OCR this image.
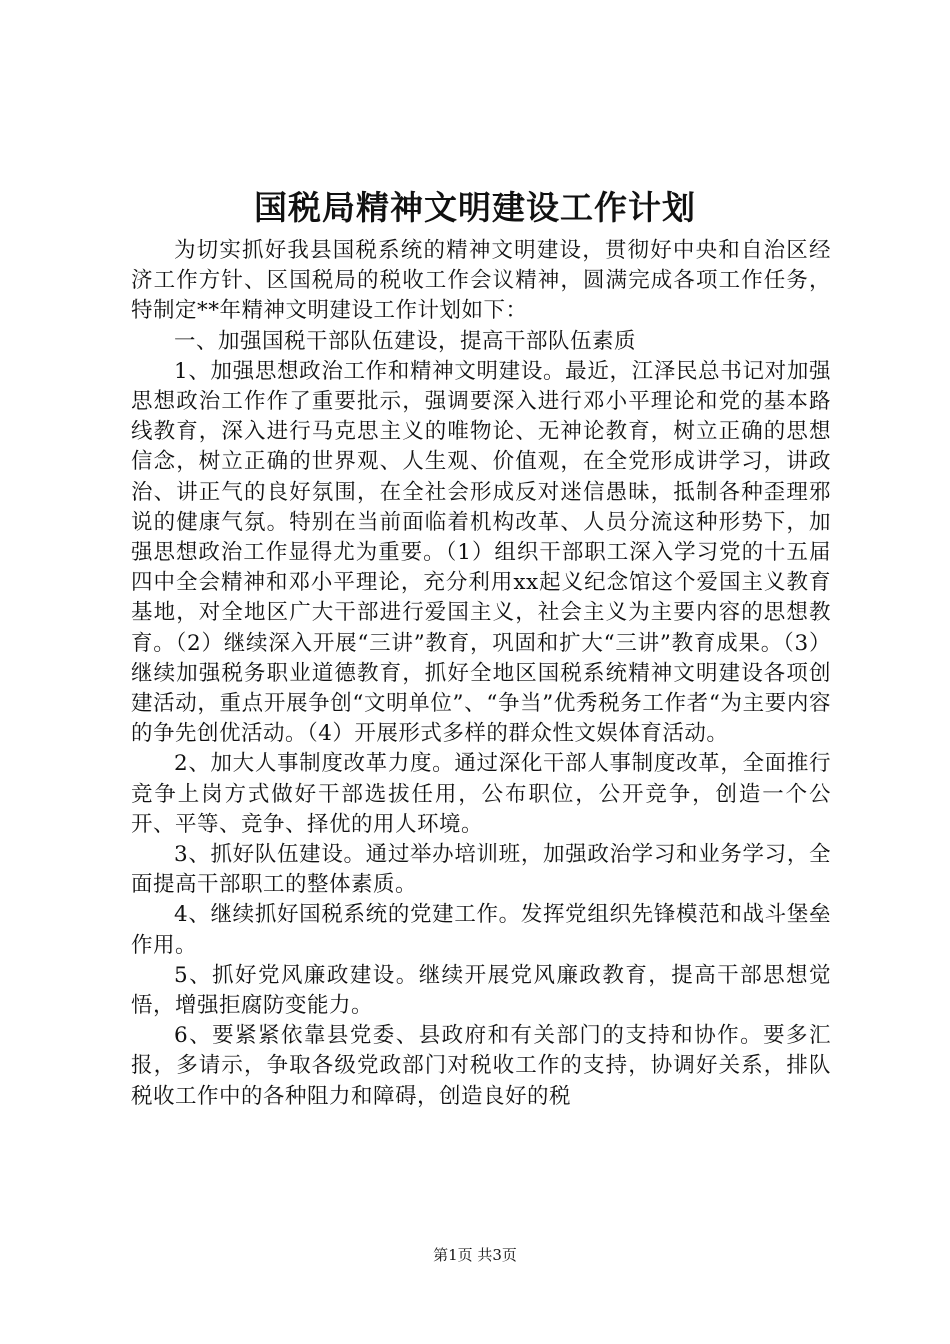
国税局精神文明建设工作计划

为切实抓好我县国税系统的精神文明建设，贯彻好中央和自治区经济工作方针、区国税局的税收工作会议精神，圆满完成各项工作任务，特制定**年精神文明建设工作计划如下：

一、加强国税干部队伍建设，提高干部队伍素质

1、加强思想政治工作和精神文明建设。最近，江泽民总书记对加强思想政治工作作了重要批示，强调要深入进行邓小平理论和党的基本路线教育，深入进行马克思主义的唯物论、无神论教育，树立正确的思想信念，树立正确的世界观、人生观、价值观，在全党形成讲学习，讲政治、讲正气的良好氛围，在全社会形成反对迷信愚昧，抵制各种歪理邪说的健康气氛。特别在当前面临着机构改革、人员分流这种形势下，加强思想政治工作显得尤为重要。（1）组织干部职工深入学习党的十五届四中全会精神和邓小平理论，充分利用xx起义纪念馆这个爱国主义教育基地，对全地区广大干部进行爱国主义，社会主义为主要内容的思想教育。（2）继续深入开展“三讲”教育，巩固和扩大“三讲”教育成果。（3）继续加强税务职业道德教育，抓好全地区国税系统精神文明建设各项创建活动，重点开展争创“文明单位”、“争当”优秀税务工作者“为主要内容的争先创优活动。（4）开展形式多样的群众性文娱体育活动。

2、加大人事制度改革力度。通过深化干部人事制度改革，全面推行竞争上岗方式做好干部选拔任用，公布职位，公开竞争，创造一个公开、平等、竞争、择优的用人环境。

3、抓好队伍建设。通过举办培训班，加强政治学习和业务学习，全面提高干部职工的整体素质。

4、继续抓好国税系统的党建工作。发挥党组织先锋模范和战斗堡垒作用。

5、抓好党风廉政建设。继续开展党风廉政教育，提高干部思想觉悟，增强拒腐防变能力。

6、要紧紧依靠县党委、县政府和有关部门的支持和协作。要多汇报，多请示，争取各级党政部门对税收工作的支持，协调好关系，排队税收工作中的各种阻力和障碍，创造良好的税

第1页 共3页
